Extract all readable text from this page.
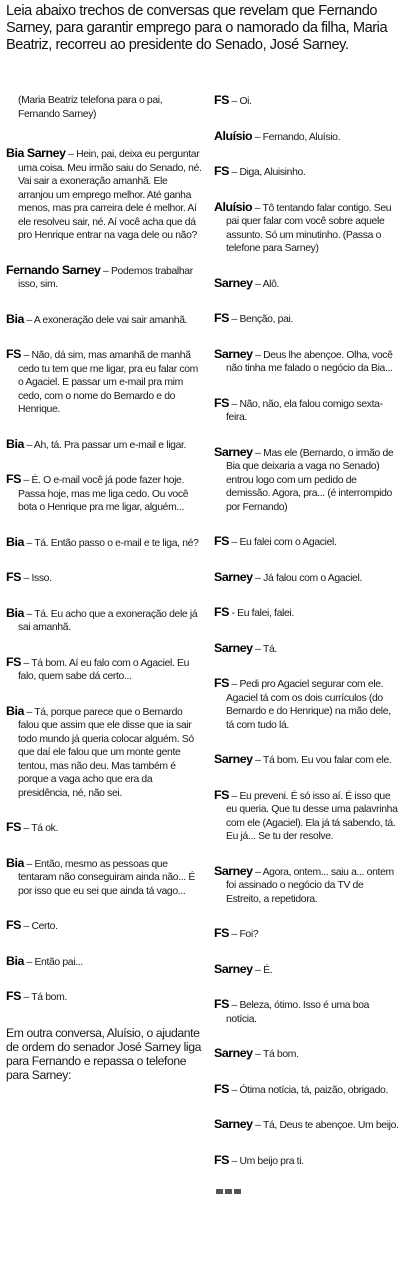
Leia abaixo trechos de conversas que revelam que Fernando Sarney, para garantir emprego para o namorado da filha, Maria Beatriz, recorreu ao presidente do Senado, José Sarney.
(Maria Beatriz telefona para o pai, Fernando Sarney)
Bia Sarney – Hein, pai, deixa eu perguntar uma coisa. Meu irmão saiu do Senado, né. Vai sair a exoneração amanhã. Ele arranjou um emprego melhor. Até ganha menos, mas pra carreira dele é melhor. Aí ele resolveu sair, né. Aí você acha que dá pro Henrique entrar na vaga dele ou não?
Fernando Sarney – Podemos trabalhar isso, sim.
Bia – A exoneração dele vai sair amanhã.
FS – Não, dá sim, mas amanhã de manhã cedo tu tem que me ligar, pra eu falar com o Agaciel. E passar um e-mail pra mim cedo, com o nome do Bernardo e do Henrique.
Bia – Ah, tá. Pra passar um e-mail e ligar.
FS – É. O e-mail você já pode fazer hoje. Passa hoje, mas me liga cedo. Ou você bota o Henrique pra me ligar, alguém...
Bia – Tá. Então passo o e-mail e te liga, né?
FS – Isso.
Bia – Tá. Eu acho que a exoneração dele já sai amanhã.
FS – Tá bom. Aí eu falo com o Agaciel. Eu falo, quem sabe dá certo...
Bia – Tá, porque parece que o Bernardo falou que assim que ele disse que ia sair todo mundo já queria colocar alguém. Só que daí ele falou que um monte gente tentou, mas não deu. Mas também é porque a vaga acho que era da presidência, né, não sei.
FS – Tá ok.
Bia – Então, mesmo as pessoas que tentaram não conseguiram ainda não... É por isso que eu sei que ainda tá vago...
FS – Certo.
Bia – Então pai...
FS – Tá bom.
Em outra conversa, Aluísio, o ajudante de ordem do senador José Sarney liga para Fernando e repassa o telefone para Sarney:
FS – Oi.
Aluísio – Fernando, Aluísio.
FS – Diga, Aluisinho.
Aluísio – Tô tentando falar contigo. Seu pai quer falar com você sobre aquele assunto. Só um minutinho. (Passa o telefone para Sarney)
Sarney – Alô.
FS – Benção, pai.
Sarney – Deus lhe abençoe. Olha, você não tinha me falado o negócio da Bia...
FS – Não, não, ela falou comigo sexta-feira.
Sarney – Mas ele (Bernardo, o irmão de Bia que deixaria a vaga no Senado) entrou logo com um pedido de demissão. Agora, pra... (é interrompido por Fernando)
FS – Eu falei com o Agaciel.
Sarney – Já falou com o Agaciel.
FS - Eu falei, falei.
Sarney – Tá.
FS – Pedi pro Agaciel segurar com ele. Agaciel tá com os dois currículos (do Bernardo e do Henrique) na mão dele, tá com tudo lá.
Sarney – Tá bom. Eu vou falar com ele.
FS – Eu preveni. É só isso aí. É isso que eu queria. Que tu desse uma palavrinha com ele (Agaciel). Ela já tá sabendo, tá. Eu já... Se tu der resolve.
Sarney – Agora, ontem... saiu a... ontem foi assinado o negócio da TV de Estreito, a repetidora.
FS – Foi?
Sarney – É.
FS – Beleza, ótimo. Isso é uma boa notícia.
Sarney – Tá bom.
FS – Ótima notícia, tá, paizão, obrigado.
Sarney – Tá, Deus te abençoe. Um beijo.
FS – Um beijo pra ti.
